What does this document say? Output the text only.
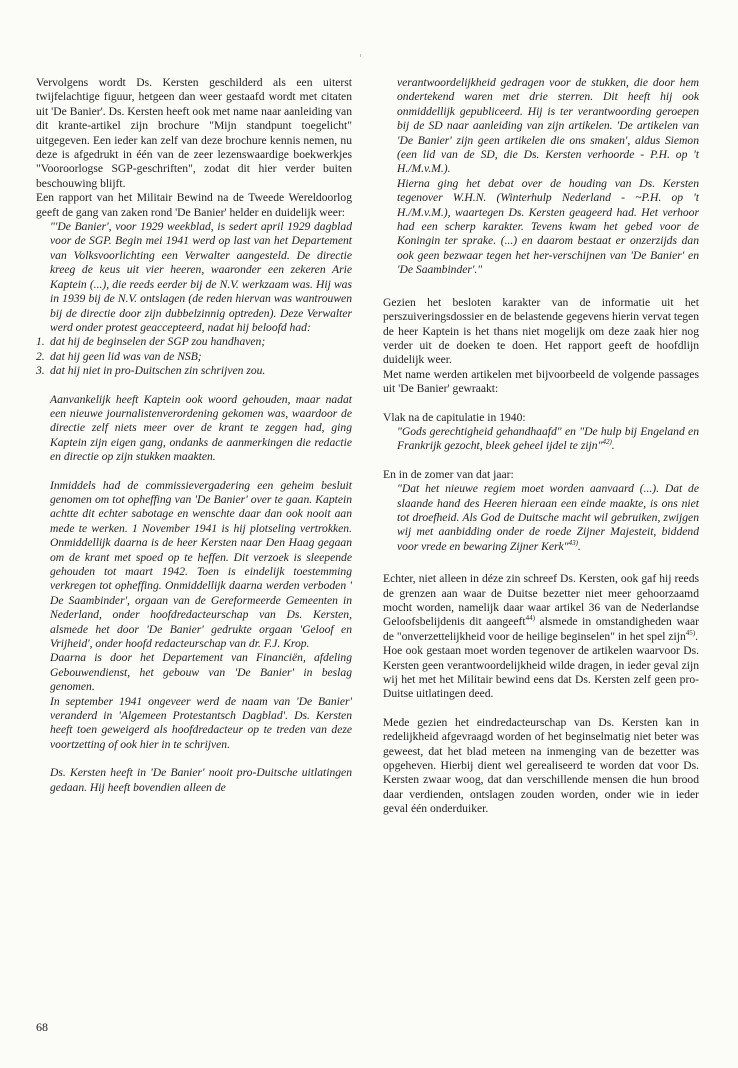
Vervolgens wordt Ds. Kersten geschilderd als een uiterst twijfelachtige figuur, hetgeen dan weer gestaafd wordt met citaten uit 'De Banier'. Ds. Kersten heeft ook met name naar aanleiding van dit krante-artikel zijn brochure "Mijn standpunt toegelicht" uitgegeven. Een ieder kan zelf van deze brochure kennis nemen, nu deze is afgedrukt in één van de zeer lezenswaardige boekwerkjes "Vooroorlogse SGP-geschriften", zodat dit hier verder buiten beschouwing blijft.

Een rapport van het Militair Bewind na de Tweede Wereldoorlog geeft de gang van zaken rond 'De Banier' helder en duidelijk weer:

"'De Banier', voor 1929 weekblad, is sedert april 1929 dagblad voor de SGP. Begin mei 1941 werd op last van het Departement van Volksvoorlichting een Verwalter aangesteld. De directie kreeg de keus uit vier heeren, waaronder een zekeren Arie Kaptein (...), die reeds eerder bij de N.V. werkzaam was. Hij was in 1939 bij de N.V. ontslagen (de reden hiervan was wantrouwen bij de directie door zijn dubbelzinnig optreden). Deze Verwalter werd onder protest geaccepteerd, nadat hij beloofd had:

1. dat hij de beginselen der SGP zou handhaven;
2. dat hij geen lid was van de NSB;
3. dat hij niet in pro-Duitschen zin schrijven zou.

Aanvankelijk heeft Kaptein ook woord gehouden, maar nadat een nieuwe journalistenverordening gekomen was, waardoor de directie zelf niets meer over de krant te zeggen had, ging Kaptein zijn eigen gang, ondanks de aanmerkingen die redactie en directie op zijn stukken maakten.

Inmiddels had de commissievergadering een geheim besluit genomen om tot opheffing van 'De Banier' over te gaan. Kaptein achtte dit echter sabotage en wenschte daar dan ook nooit aan mede te werken. 1 November 1941 is hij plotseling vertrokken. Onmiddellijk daarna is de heer Kersten naar Den Haag gegaan om de krant met spoed op te heffen. Dit verzoek is sleepende gehouden tot maart 1942. Toen is eindelijk toestemming verkregen tot opheffing. Onmiddellijk daarna werden verboden ' De Saambinder', orgaan van de Gereformeerde Gemeenten in Nederland, onder hoofdredacteurschap van Ds. Kersten, alsmede het door 'De Banier' gedrukte orgaan 'Geloof en Vrijheid', onder hoofd redacteurschap van dr. F.J. Krop.

Daarna is door het Departement van Financiën, afdeling Gebouwendienst, het gebouw van 'De Banier' in beslag genomen.

In september 1941 ongeveer werd de naam van 'De Banier' veranderd in 'Algemeen Protestantsch Dagblad'. Ds. Kersten heeft toen geweigerd als hoofdredacteur op te treden van deze voortzetting of ook hier in te schrijven.

Ds. Kersten heeft in 'De Banier' nooit pro-Duitsche uitlatingen gedaan. Hij heeft bovendien alleen de

verantwoordelijkheid gedragen voor de stukken, die door hem ondertekend waren met drie sterren. Dit heeft hij ook onmiddellijk gepubliceerd. Hij is ter verantwoording geroepen bij de SD naar aanleiding van zijn artikelen. 'De artikelen van 'De Banier' zijn geen artikelen die ons smaken', aldus Siemon (een lid van de SD, die Ds. Kersten verhoorde - P.H. op 't H./M.v.M.).

Hierna ging het debat over de houding van Ds. Kersten tegenover W.H.N. (Winterhulp Nederland - ~P.H. op 't H./M.v.M.), waartegen Ds. Kersten geageerd had. Het verhoor had een scherp karakter. Tevens kwam het gebed voor de Koningin ter sprake. (...) en daarom bestaat er onzerzijds dan ook geen bezwaar tegen het her-verschijnen van 'De Banier' en 'De Saambinder'."

Gezien het besloten karakter van de informatie uit het perszuiveringsdossier en de belastende gegevens hierin vervat tegen de heer Kaptein is het thans niet mogelijk om deze zaak hier nog verder uit de doeken te doen. Het rapport geeft de hoofdlijn duidelijk weer.

Met name werden artikelen met bijvoorbeeld de volgende passages uit 'De Banier' gewraakt:

Vlak na de capitulatie in 1940:

"Gods gerechtigheid gehandhaafd" en "De hulp bij Engeland en Frankrijk gezocht, bleek geheel ijdel te zijn"$^{42)}$.

En in de zomer van dat jaar:

"Dat het nieuwe regiem moet worden aanvaard (...). Dat de slaande hand des Heeren hieraan een einde maakte, is ons niet tot droefheid. Als God de Duitsche macht wil gebruiken, zwijgen wij met aanbidding onder de roede Zijner Majesteit, biddend voor vrede en bewaring Zijner Kerk"$^{43)}$.

Echter, niet alleen in déze zin schreef Ds. Kersten, ook gaf hij reeds de grenzen aan waar de Duitse bezetter niet meer gehoorzaamd mocht worden, namelijk daar waar artikel 36 van de Nederlandse Geloofsbelijdenis dit aangeeft$^{44)}$ alsmede in omstandigheden waar de "onverzettelijkheid voor de heilige beginselen" in het spel zijn$^{45)}$.

Hoe ook gestaan moet worden tegenover de artikelen waarvoor Ds. Kersten geen verantwoordelijkheid wilde dragen, in ieder geval zijn wij het met het Militair bewind eens dat Ds. Kersten zelf geen pro-Duitse uitlatingen deed.

Mede gezien het eindredacteurschap van Ds. Kersten kan in redelijkheid afgevraagd worden of het beginselmatig niet beter was geweest, dat het blad meteen na inmenging van de bezetter was opgeheven. Hierbij dient wel gerealiseerd te worden dat voor Ds. Kersten zwaar woog, dat dan verschillende mensen die hun brood daar verdienden, ontslagen zouden worden, onder wie in ieder geval één onderduiker.

68
